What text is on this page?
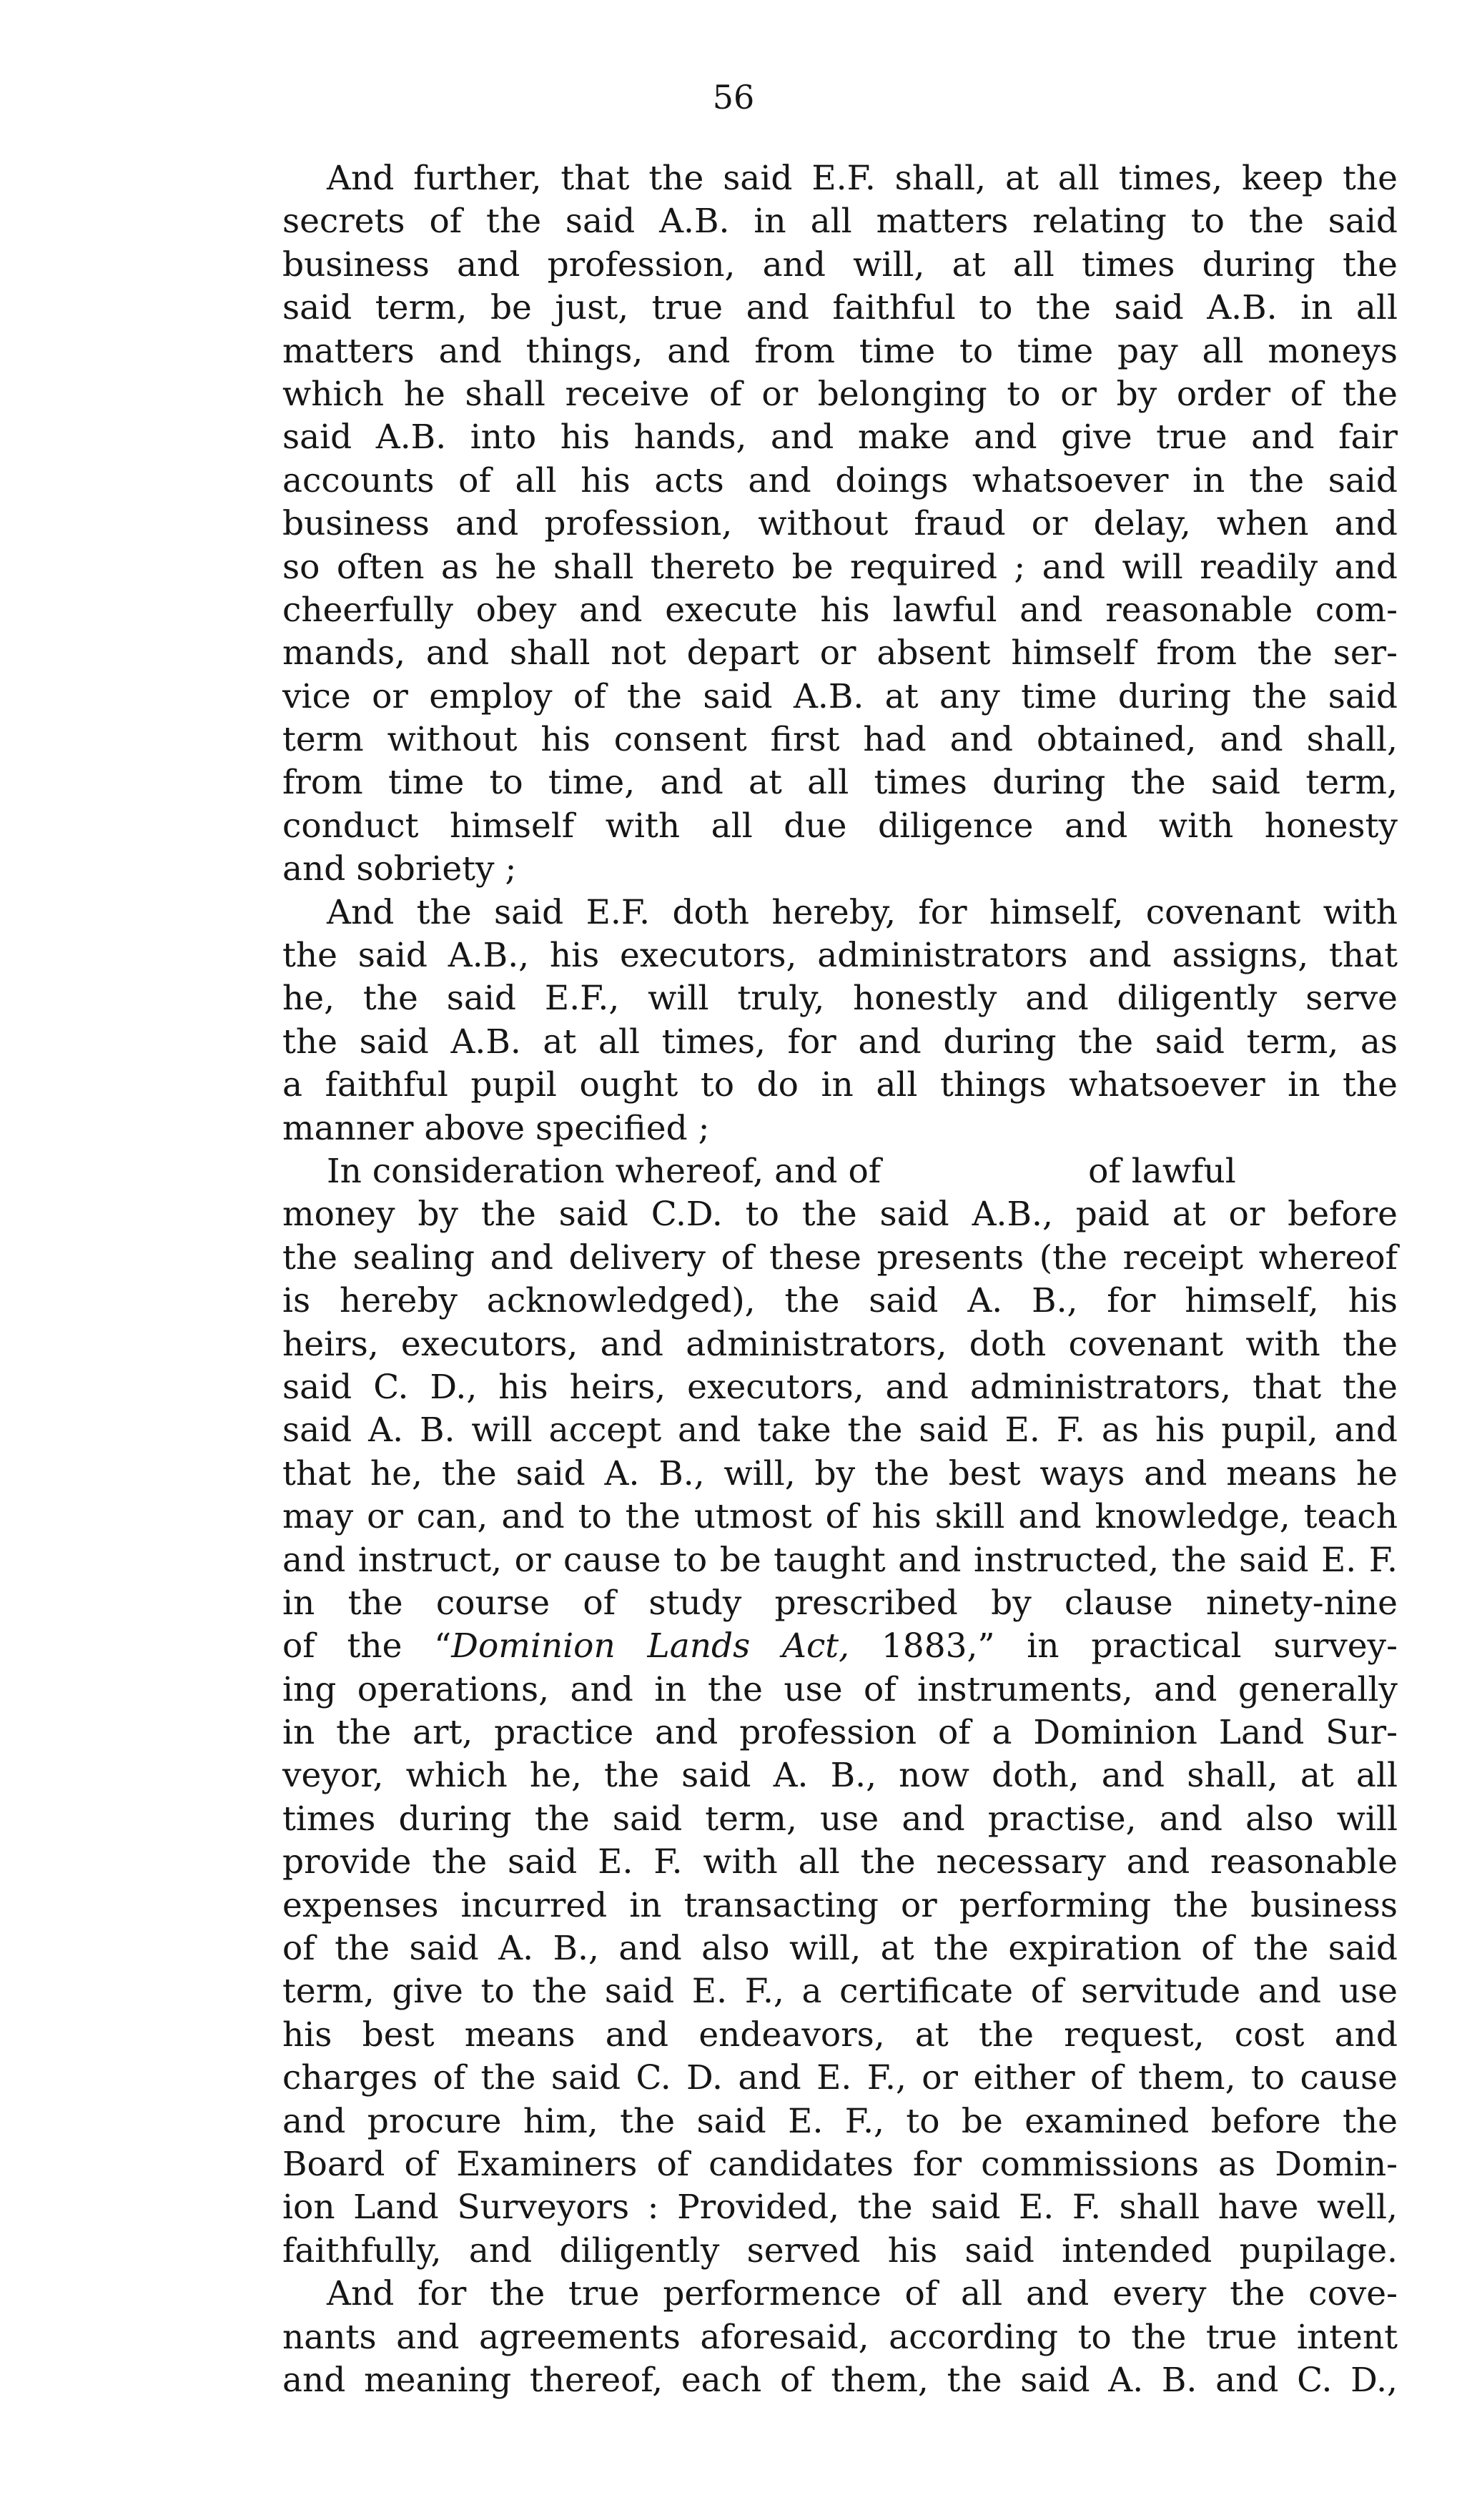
56
And further, that the said E.F. shall, at all times, keep the
secrets of the said A.B. in all matters relating to the said
business and profession, and will, at all times during the
said term, be just, true and faithful to the said A.B. in all
matters and things, and from time to time pay all moneys
which he shall receive of or belonging to or by order of the
said A.B. into his hands, and make and give true and fair
accounts of all his acts and doings whatsoever in the said
business and profession, without fraud or delay, when and
so often as he shall thereto be required ; and will readily and
cheerfully obey and execute his lawful and reasonable com-
mands, and shall not depart or absent himself from the ser-
vice or employ of the said A.B. at any time during the said
term without his consent first had and obtained, and shall,
from time to time, and at all times during the said term,
conduct himself with all due diligence and with honesty
and sobriety ;
And the said E.F. doth hereby, for himself, covenant with
the said A.B., his executors, administrators and assigns, that
he, the said E.F., will truly, honestly and diligently serve
the said A.B. at all times, for and during the said term, as
a faithful pupil ought to do in all things whatsoever in the
manner above specified ;
In consideration whereof, and of	of lawful
money by the said C.D. to the said A.B., paid at or before
the sealing and delivery of these presents (the receipt whereof
is hereby acknowledged), the said A. B., for himself, his
heirs, executors, and administrators, doth covenant with the
said C. D., his heirs, executors, and administrators, that the
said A. B. will accept and take the said E. F. as his pupil, and
that he, the said A. B., will, by the best ways and means he
may or can, and to the utmost of his skill and knowledge, teach
and instruct, or cause to be taught and instructed, the said E. F.
in the course of study prescribed by clause ninety-nine
of the “Dominion Lands Act, 1883,” in practical survey-
ing operations, and in the use of instruments, and generally
in the art, practice and profession of a Dominion Land Sur-
veyor, which he, the said A. B., now doth, and shall, at all
times during the said term, use and practise, and also will
provide the said E. F. with all the necessary and reasonable
expenses incurred in transacting or performing the business
of the said A. B., and also will, at the expiration of the said
term, give to the said E. F., a certificate of servitude and use
his best means and endeavors, at the request, cost and
charges of the said C. D. and E. F., or either of them, to cause
and procure him, the said E. F., to be examined before the
Board of Examiners of candidates for commissions as Domin-
ion Land Surveyors : Provided, the said E. F. shall have well,
faithfully, and diligently served his said intended pupilage.
And for the true performence of all and every the cove-
nants and agreements aforesaid, according to the true intent
and meaning thereof, each of them, the said A. B. and C. D.,
